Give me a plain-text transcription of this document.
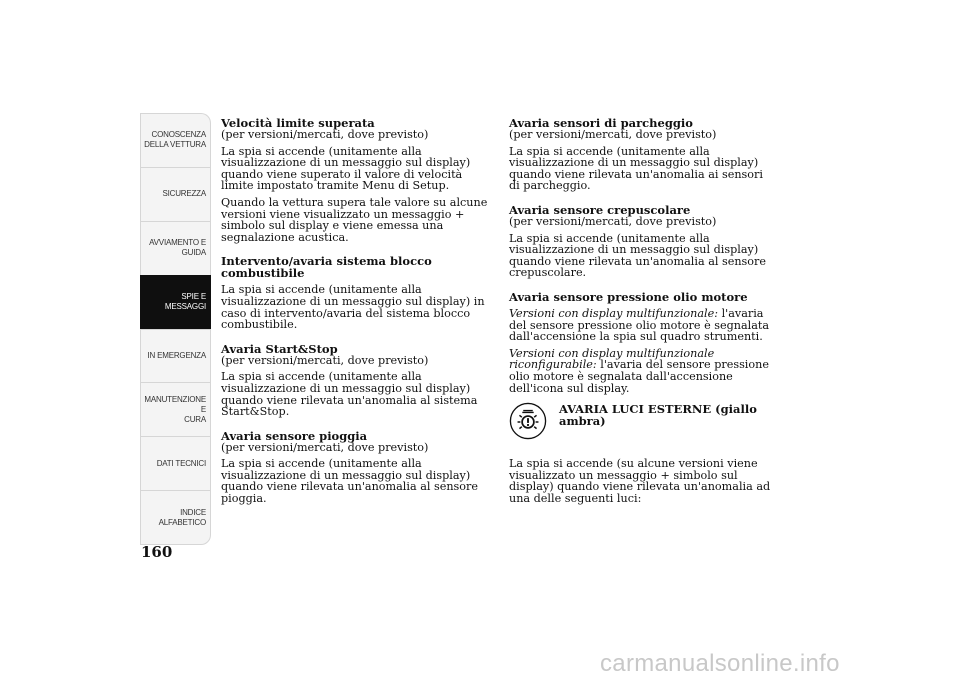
CONOSCENZA
DELLA VETTURA
SICUREZZA
AVVIAMENTO E
GUIDA
SPIE E MESSAGGI
IN EMERGENZA
MANUTENZIONE E
CURA
DATI TECNICI
INDICE
ALFABETICO
160
Velocità limite superata

(per versioni/mercati, dove previsto)

La spia si accende (unitamente alla visualizzazione di un messaggio sul display) quando viene superato il valore di velocità limite impostato tramite Menu di Setup.

Quando la vettura supera tale valore su alcune versioni viene visualizzato un messaggio + simbolo sul display e viene emessa una segnalazione acustica.

Intervento/avaria sistema blocco combustibile

La spia si accende (unitamente alla visualizzazione di un messaggio sul display) in caso di intervento/avaria del sistema blocco combustibile.

Avaria Start&Stop

(per versioni/mercati, dove previsto)

La spia si accende (unitamente alla visualizzazione di un messaggio sul display) quando viene rilevata un'anomalia al sistema Start&Stop.

Avaria sensore pioggia

(per versioni/mercati, dove previsto)

La spia si accende (unitamente alla visualizzazione di un messaggio sul display) quando viene rilevata un'anomalia al sensore pioggia.

Avaria sensori di parcheggio

(per versioni/mercati, dove previsto)

La spia si accende (unitamente alla visualizzazione di un messaggio sul display) quando viene rilevata un'anomalia ai sensori di parcheggio.

Avaria sensore crepuscolare

(per versioni/mercati, dove previsto)

La spia si accende (unitamente alla visualizzazione di un messaggio sul display) quando viene rilevata un'anomalia al sensore crepuscolare.

Avaria sensore pressione olio motore

Versioni con display multifunzionale: l'avaria del sensore pressione olio motore è segnalata dall'accensione la spia sul quadro strumenti.

Versioni con display multifunzionale riconfigurabile: l'avaria del sensore pressione olio motore è segnalata dall'accensione dell'icona sul display.

AVARIA LUCI ESTERNE (giallo ambra)

La spia si accende (su alcune versioni viene visualizzato un messaggio + simbolo sul display) quando viene rilevata un'anomalia ad una delle seguenti luci:

carmanualsonline.info
